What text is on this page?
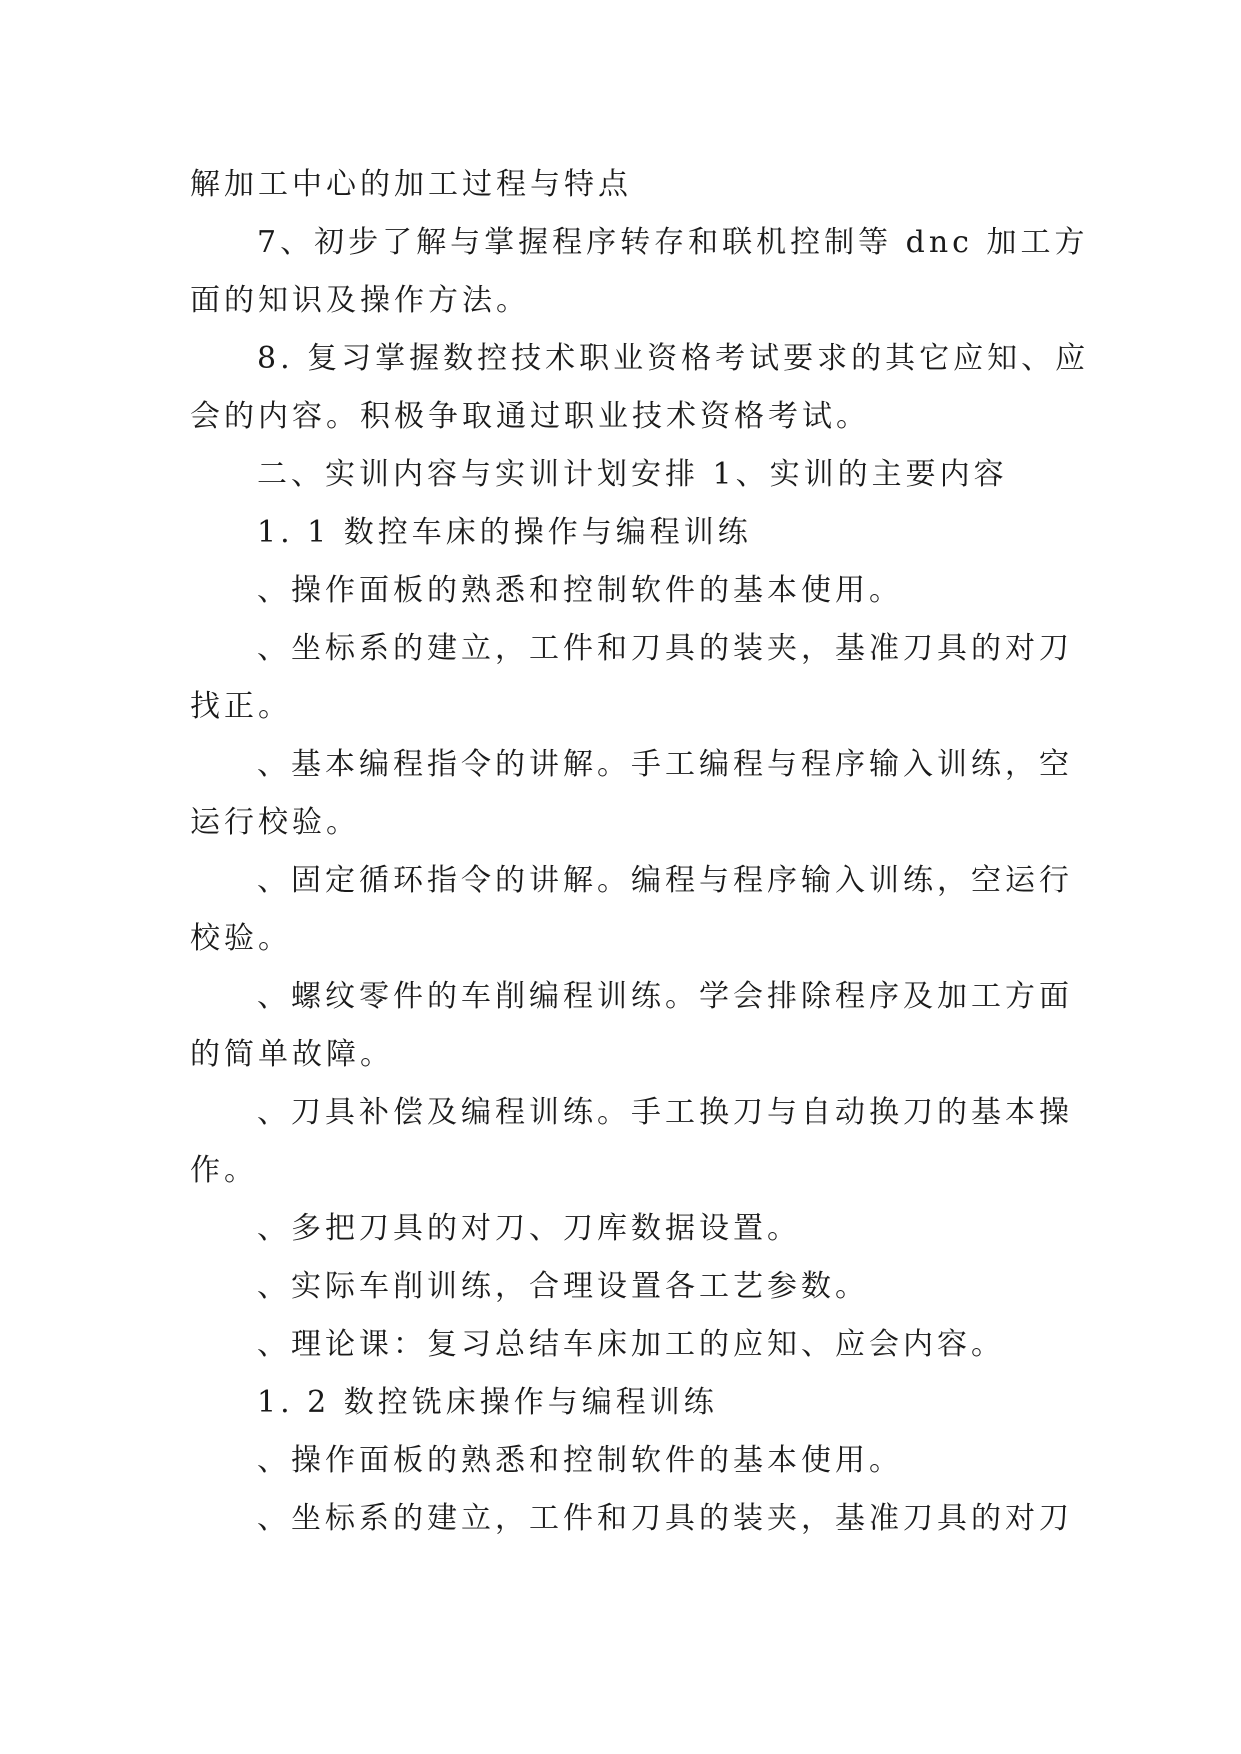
解加工中心的加工过程与特点
7、初步了解与掌握程序转存和联机控制等 dnc 加工方
面的知识及操作方法。
8. 复习掌握数控技术职业资格考试要求的其它应知、应
会的内容。积极争取通过职业技术资格考试。
二、实训内容与实训计划安排 1、实训的主要内容
1. 1 数控车床的操作与编程训练
、操作面板的熟悉和控制软件的基本使用。
、坐标系的建立，工件和刀具的装夹，基准刀具的对刀
找正。
、基本编程指令的讲解。手工编程与程序输入训练，空
运行校验。
、固定循环指令的讲解。编程与程序输入训练，空运行
校验。
、螺纹零件的车削编程训练。学会排除程序及加工方面
的简单故障。
、刀具补偿及编程训练。手工换刀与自动换刀的基本操
作。
、多把刀具的对刀、刀库数据设置。
、实际车削训练，合理设置各工艺参数。
、理论课：复习总结车床加工的应知、应会内容。
1. 2 数控铣床操作与编程训练
、操作面板的熟悉和控制软件的基本使用。
、坐标系的建立，工件和刀具的装夹，基准刀具的对刀
